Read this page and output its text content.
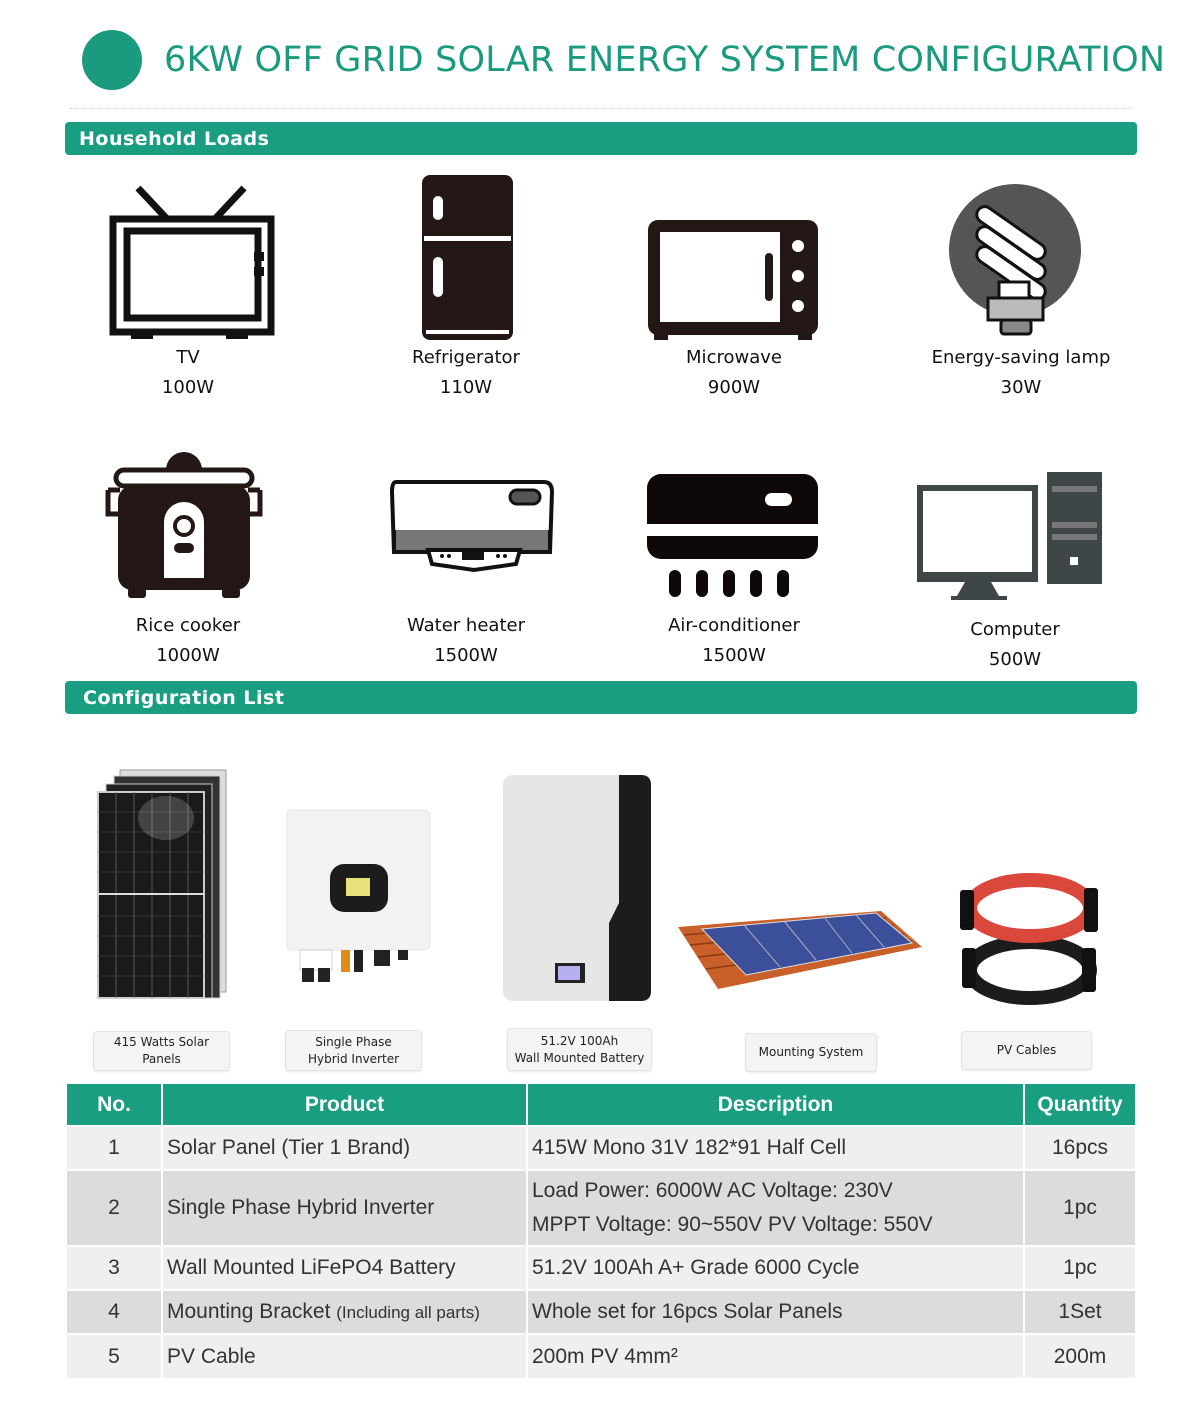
6KW OFF GRID SOLAR ENERGY SYSTEM CONFIGURATION
Household Loads
TV
100W
Refrigerator
110W
Microwave
900W
Energy-saving lamp
30W
Rice cooker
1000W
Water heater
1500W
Air-conditioner
1500W
Computer
500W
Configuration List
415 Watts Solar Panels
Single Phase
Hybrid Inverter
51.2V 100Ah
Wall Mounted Battery	Mounting System	PV Cables
No.	Product	Description	Quantity
1	Solar Panel (Tier 1 Brand)	415W Mono 31V 182*91 Half Cell	16pcs
2	Single Phase Hybrid Inverter	Load Power: 6000W AC Voltage: 230V
MPPT Voltage: 90~550V PV Voltage: 550V	1pc
3	Wall Mounted LiFePO4 Battery	51.2V 100Ah A+ Grade 6000 Cycle	1pc
4	Mounting Bracket (Including all parts)	Whole set for 16pcs Solar Panels	1Set
5	PV Cable	200m PV 4mm²	200m
